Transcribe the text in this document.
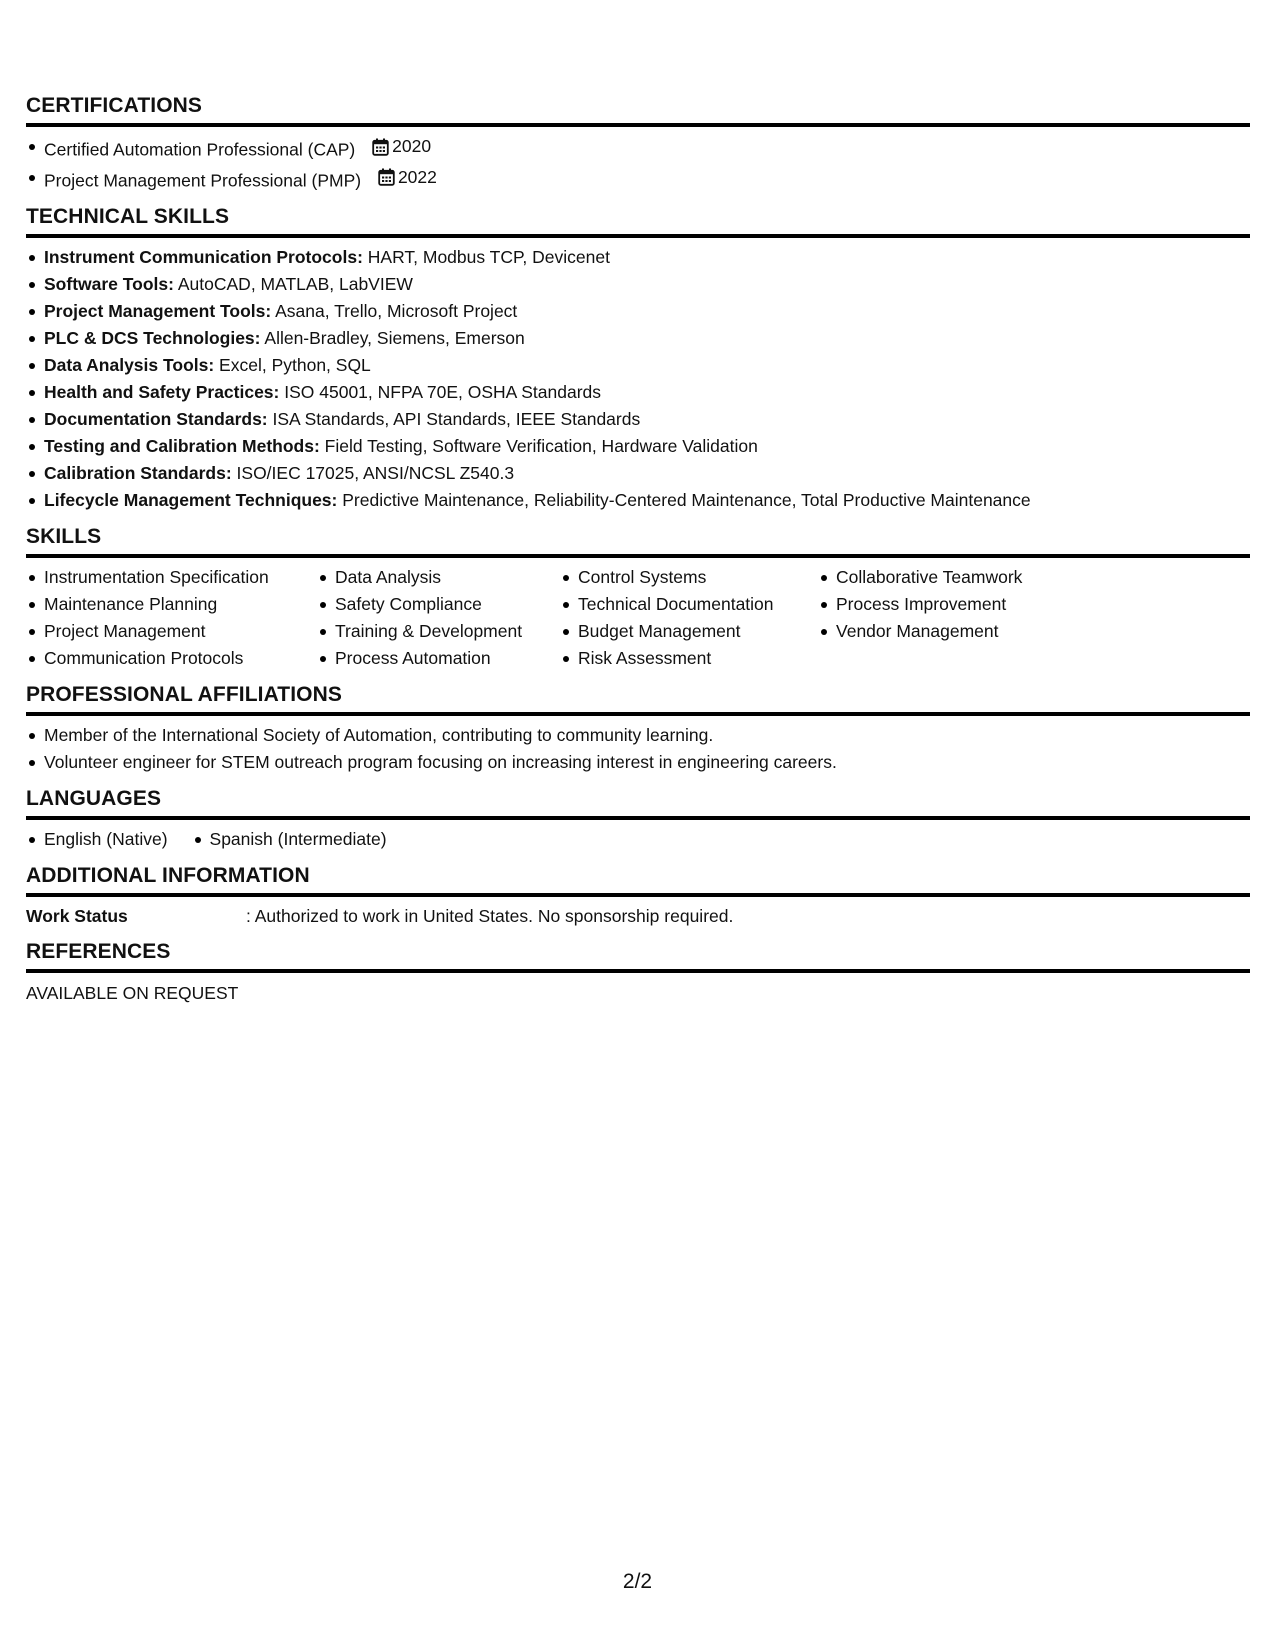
CERTIFICATIONS
Certified Automation Professional (CAP) 2020
Project Management Professional (PMP) 2022
TECHNICAL SKILLS
Instrument Communication Protocols: HART, Modbus TCP, Devicenet
Software Tools: AutoCAD, MATLAB, LabVIEW
Project Management Tools: Asana, Trello, Microsoft Project
PLC & DCS Technologies: Allen-Bradley, Siemens, Emerson
Data Analysis Tools: Excel, Python, SQL
Health and Safety Practices: ISO 45001, NFPA 70E, OSHA Standards
Documentation Standards: ISA Standards, API Standards, IEEE Standards
Testing and Calibration Methods: Field Testing, Software Verification, Hardware Validation
Calibration Standards: ISO/IEC 17025, ANSI/NCSL Z540.3
Lifecycle Management Techniques: Predictive Maintenance, Reliability-Centered Maintenance, Total Productive Maintenance
SKILLS
Instrumentation Specification
Maintenance Planning
Project Management
Communication Protocols
Data Analysis
Safety Compliance
Training & Development
Process Automation
Control Systems
Technical Documentation
Budget Management
Risk Assessment
Collaborative Teamwork
Process Improvement
Vendor Management
PROFESSIONAL AFFILIATIONS
Member of the International Society of Automation, contributing to community learning.
Volunteer engineer for STEM outreach program focusing on increasing interest in engineering careers.
LANGUAGES
English (Native)	Spanish (Intermediate)
ADDITIONAL INFORMATION
Work Status	: Authorized to work in United States. No sponsorship required.
REFERENCES
AVAILABLE ON REQUEST
2/2
